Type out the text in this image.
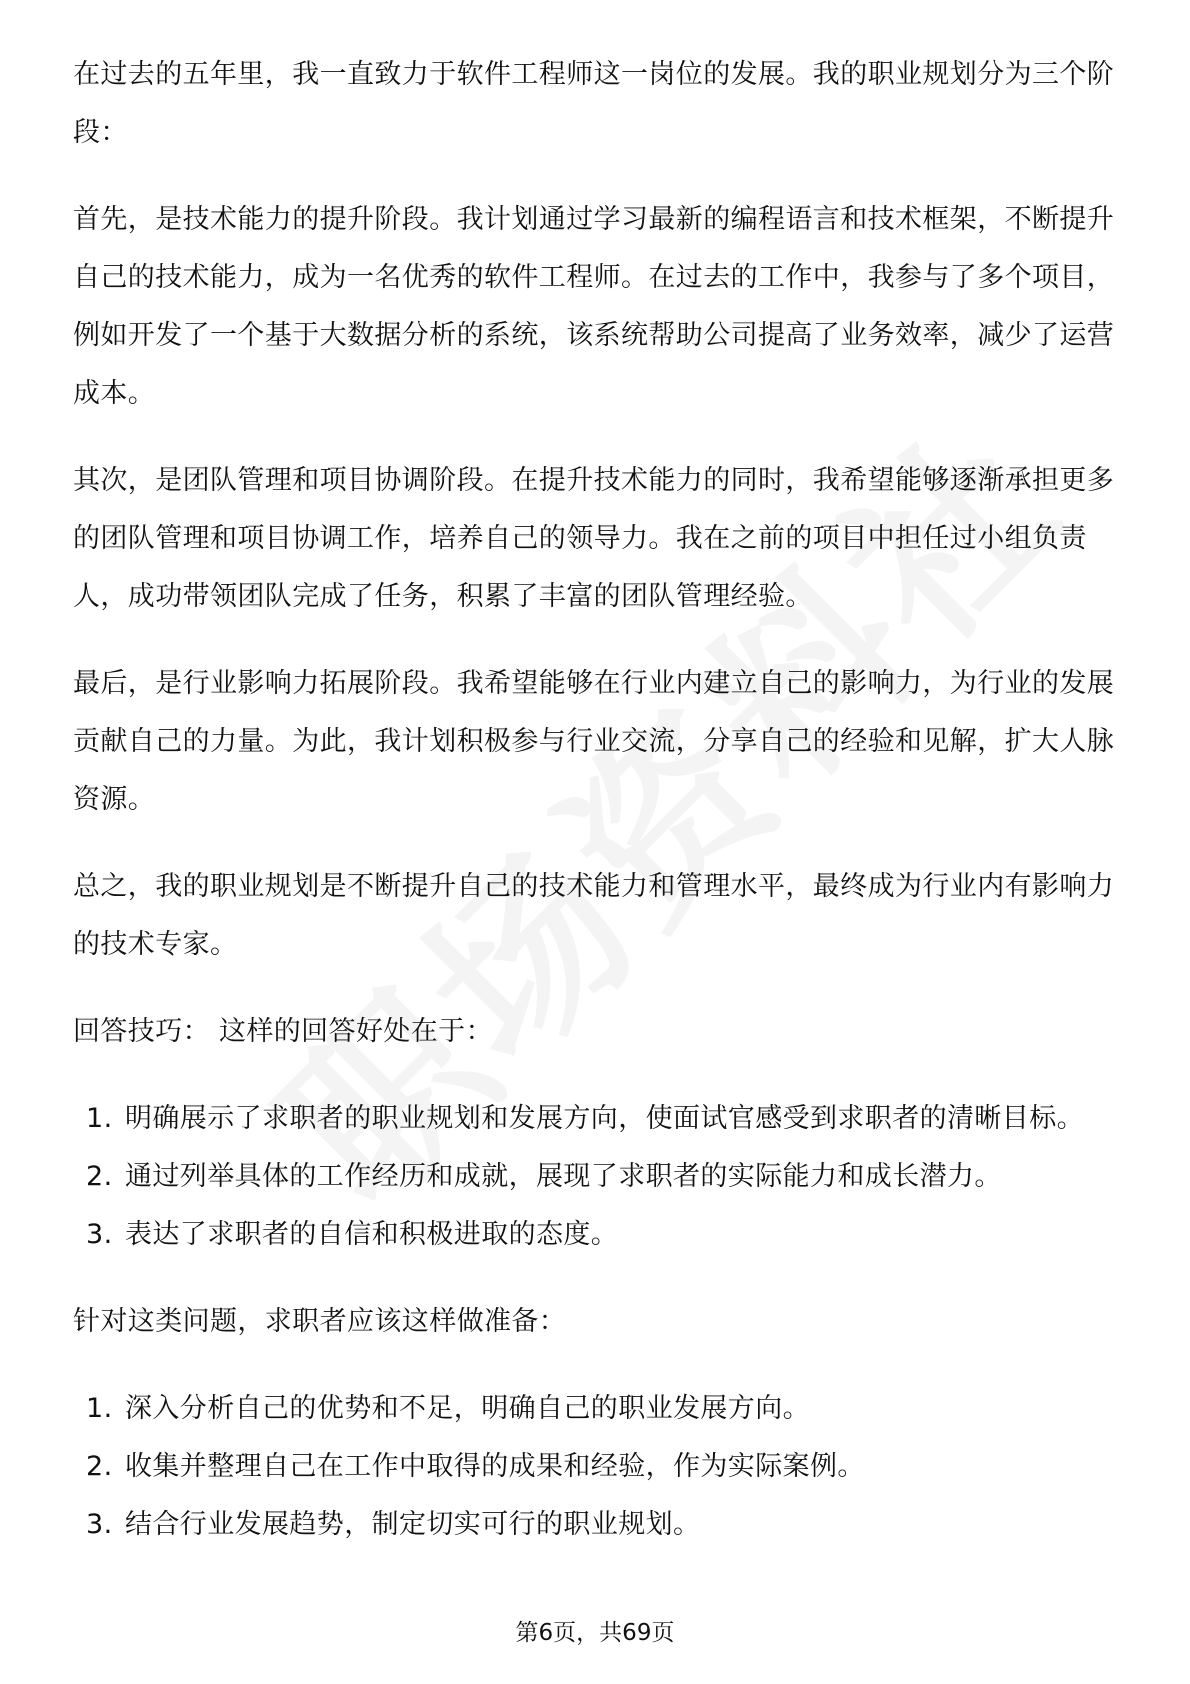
在过去的五年里，我一直致力于软件工程师这一岗位的发展。我的职业规划分为三个阶段：

首先，是技术能力的提升阶段。我计划通过学习最新的编程语言和技术框架，不断提升自己的技术能力，成为一名优秀的软件工程师。在过去的工作中，我参与了多个项目，例如开发了一个基于大数据分析的系统，该系统帮助公司提高了业务效率，减少了运营成本。

其次，是团队管理和项目协调阶段。在提升技术能力的同时，我希望能够逐渐承担更多的团队管理和项目协调工作，培养自己的领导力。我在之前的项目中担任过小组负责人，成功带领团队完成了任务，积累了丰富的团队管理经验。

最后，是行业影响力拓展阶段。我希望能够在行业内建立自己的影响力，为行业的发展贡献自己的力量。为此，我计划积极参与行业交流，分享自己的经验和见解，扩大人脉资源。

总之，我的职业规划是不断提升自己的技术能力和管理水平，最终成为行业内有影响力的技术专家。

回答技巧： 这样的回答好处在于：

1. 明确展示了求职者的职业规划和发展方向，使面试官感受到求职者的清晰目标。
2. 通过列举具体的工作经历和成就，展现了求职者的实际能力和成长潜力。
3. 表达了求职者的自信和积极进取的态度。

针对这类问题，求职者应该这样做准备：

1. 深入分析自己的优势和不足，明确自己的职业发展方向。
2. 收集并整理自己在工作中取得的成果和经验，作为实际案例。
3. 结合行业发展趋势，制定切实可行的职业规划。
第6页，共69页
